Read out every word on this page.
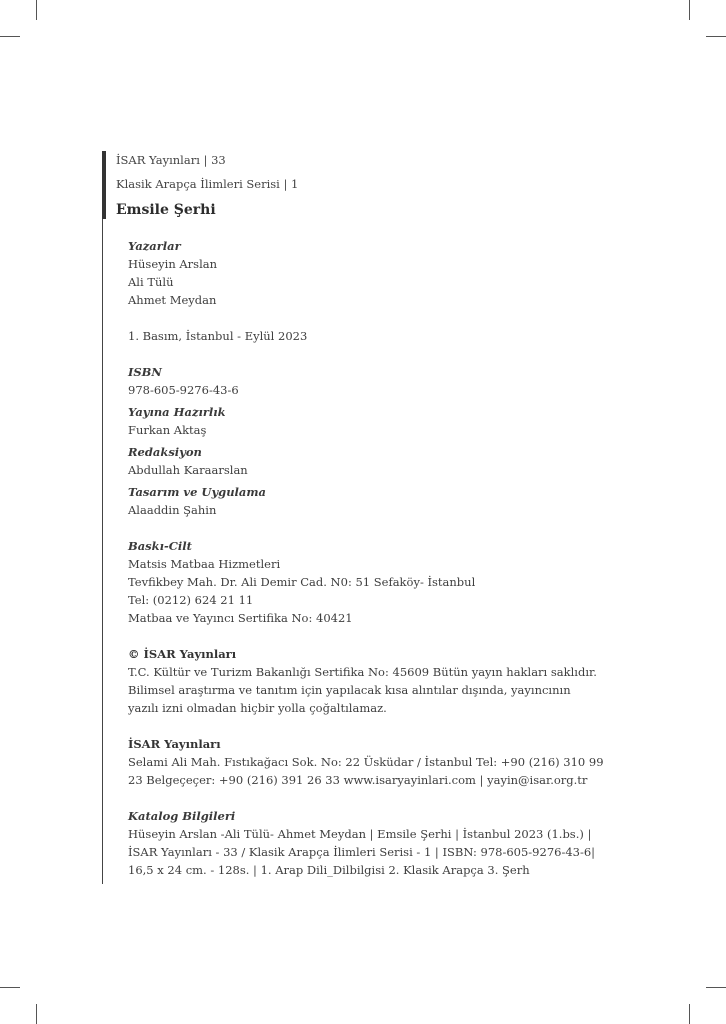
İSAR Yayınları | 33
Klasik Arapça İlimleri Serisi | 1
Emsile Şerhi
Yazarlar
Hüseyin Arslan
Ali Tülü
Ahmet Meydan
1. Basım, İstanbul - Eylül 2023
ISBN
978-605-9276-43-6
Yayına Hazırlık
Furkan Aktaş
Redaksiyon
Abdullah Karaarslan
Tasarım ve Uygulama
Alaaddin Şahin
Baskı-Cilt
Matsis Matbaa Hizmetleri
Tevfikbey Mah. Dr. Ali Demir Cad. N0: 51 Sefaköy- İstanbul
Tel: (0212) 624 21 11
Matbaa ve Yayıncı Sertifika No: 40421
© İSAR Yayınları
T.C. Kültür ve Turizm Bakanlığı Sertifika No: 45609 Bütün yayın hakları saklıdır.
Bilimsel araştırma ve tanıtım için yapılacak kısa alıntılar dışında, yayıncının
yazılı izni olmadan hiçbir yolla çoğaltılamaz.
İSAR Yayınları
Selami Ali Mah. Fıstıkağacı Sok. No: 22 Üsküdar / İstanbul Tel: +90 (216) 310 99
23 Belgeçeçer: +90 (216) 391 26 33 www.isaryayinlari.com | yayin@isar.org.tr
Katalog Bilgileri
Hüseyin Arslan -Ali Tülü- Ahmet Meydan | Emsile Şerhi | İstanbul 2023 (1.bs.) |
İSAR Yayınları - 33 / Klasik Arapça İlimleri Serisi - 1 | ISBN: 978-605-9276-43-6|
16,5 x 24 cm. - 128s. | 1. Arap Dili_Dilbilgisi 2. Klasik Arapça 3. Şerh
